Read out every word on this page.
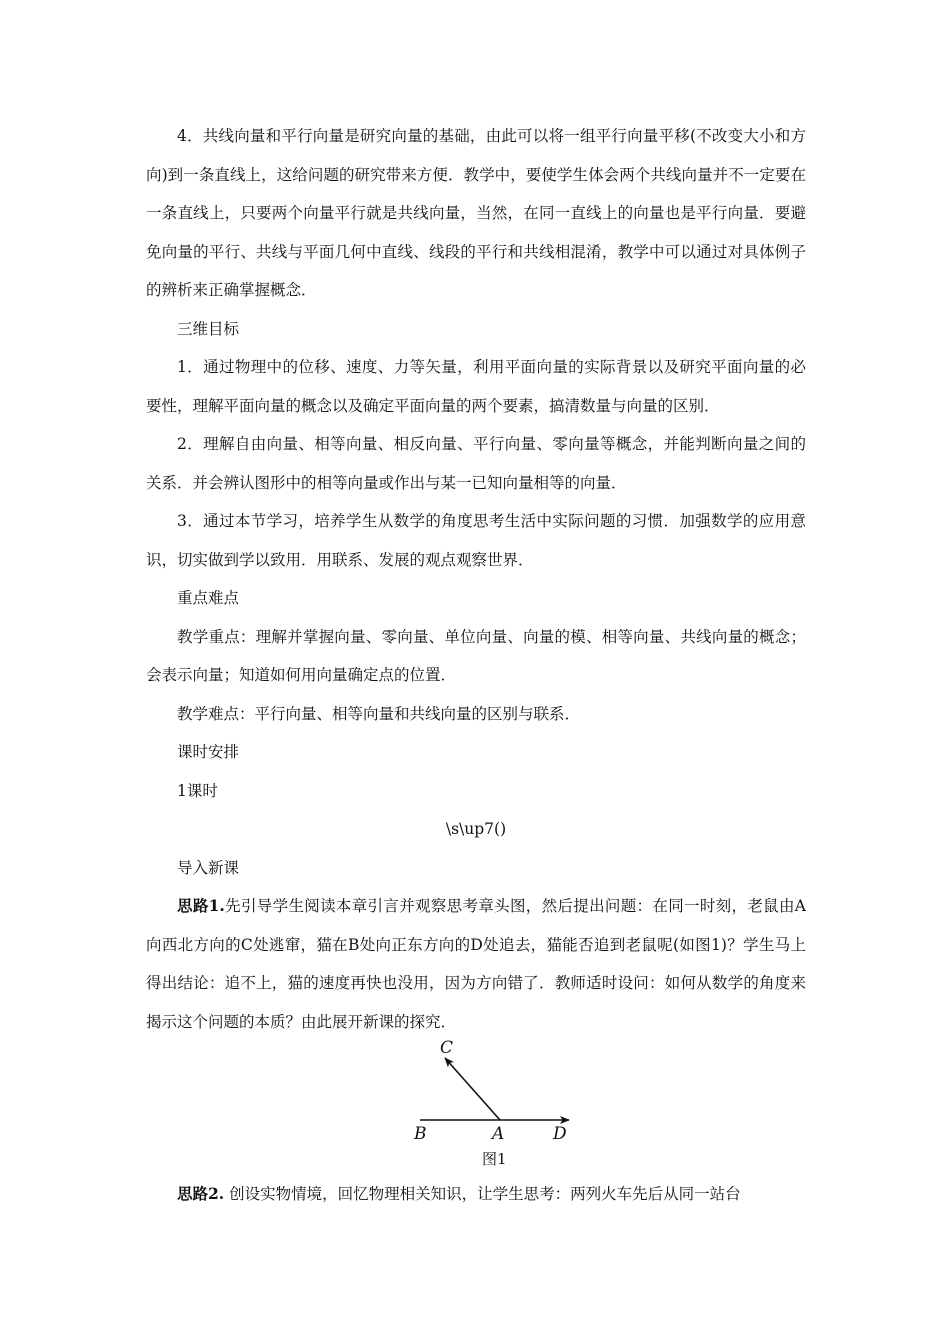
4．共线向量和平行向量是研究向量的基础，由此可以将一组平行向量平移(不改变大小和方向)到一条直线上，这给问题的研究带来方便．教学中，要使学生体会两个共线向量并不一定要在一条直线上，只要两个向量平行就是共线向量，当然，在同一直线上的向量也是平行向量．要避免向量的平行、共线与平面几何中直线、线段的平行和共线相混淆，教学中可以通过对具体例子的辨析来正确掌握概念．

三维目标

1．通过物理中的位移、速度、力等矢量，利用平面向量的实际背景以及研究平面向量的必要性，理解平面向量的概念以及确定平面向量的两个要素，搞清数量与向量的区别．

2．理解自由向量、相等向量、相反向量、平行向量、零向量等概念，并能判断向量之间的关系．并会辨认图形中的相等向量或作出与某一已知向量相等的向量．

3．通过本节学习，培养学生从数学的角度思考生活中实际问题的习惯．加强数学的应用意识，切实做到学以致用．用联系、发展的观点观察世界．

重点难点

教学重点：理解并掌握向量、零向量、单位向量、向量的模、相等向量、共线向量的概念；会表示向量；知道如何用向量确定点的位置．

教学难点：平行向量、相等向量和共线向量的区别与联系．

课时安排

1课时

\s\up7()

导入新课

思路1.先引导学生阅读本章引言并观察思考章头图，然后提出问题：在同一时刻，老鼠由A向西北方向的C处逃窜，猫在B处向正东方向的D处追去，猫能否追到老鼠呢(如图1)？学生马上得出结论：追不上，猫的速度再快也没用，因为方向错了．教师适时设问：如何从数学的角度来揭示这个问题的本质？由此展开新课的探究．

C
B	A	D
图1

思路2. 创设实物情境，回忆物理相关知识，让学生思考：两列火车先后从同一站台
